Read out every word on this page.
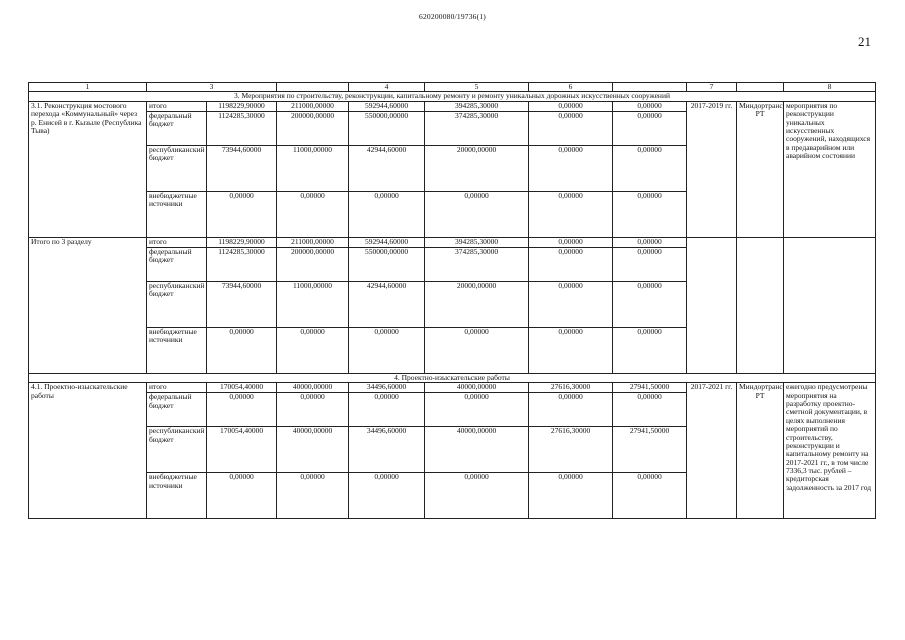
620200080/19736(1)
21
1	3			4	5	6		7		8
3. Мероприятия по строительству, реконструкции, капитальному ремонту и ремонту уникальных дорожных искусственных сооружений										
3.1. Реконструкция мостового перехода «Коммунальный» через р. Енисей в г. Кызыле (Республика Тыва)	итого	1198229,90000	211000,00000	592944,60000	394285,30000	0,00000	0,00000	2017-2019 гг.	Миндортранс РТ	мероприятия по реконструкции уникальных искусственных сооружений, находящихся в предаварийном или аварийном состоянии
	федеральный бюджет	1124285,30000	200000,00000	550000,00000	374285,30000	0,00000	0,00000			
	республиканский бюджет	73944,60000	11000,00000	42944,60000	20000,00000	0,00000	0,00000			
	внебюджетные источники	0,00000	0,00000	0,00000	0,00000	0,00000	0,00000			
Итого по 3 разделу	итого	1198229,90000	211000,00000	592944,60000	394285,30000	0,00000	0,00000			
	федеральный бюджет	1124285,30000	200000,00000	550000,00000	374285,30000	0,00000	0,00000			
	республиканский бюджет	73944,60000	11000,00000	42944,60000	20000,00000	0,00000	0,00000			
	внебюджетные источники	0,00000	0,00000	0,00000	0,00000	0,00000	0,00000			
4. Проектно-изыскательские работы										
4.1. Проектно-изыскательские работы	итого	170054,40000	40000,00000	34496,60000	40000,00000	27616,30000	27941,50000	2017-2021 гг.	Миндортранс РТ	ежегодно предусмотрены мероприятия на разработку проектно-сметной документации, в целях выполнения мероприятий по строительству, реконструкции и капитальному ремонту на 2017-2021 гг., в том числе 7336,3 тыс. рублей – кредиторская задолженность за 2017 год
	федеральный бюджет	0,00000	0,00000	0,00000	0,00000	0,00000	0,00000			
	республиканский бюджет	170054,40000	40000,00000	34496,60000	40000,00000	27616,30000	27941,50000			
	внебюджетные источники	0,00000	0,00000	0,00000	0,00000	0,00000	0,00000			
